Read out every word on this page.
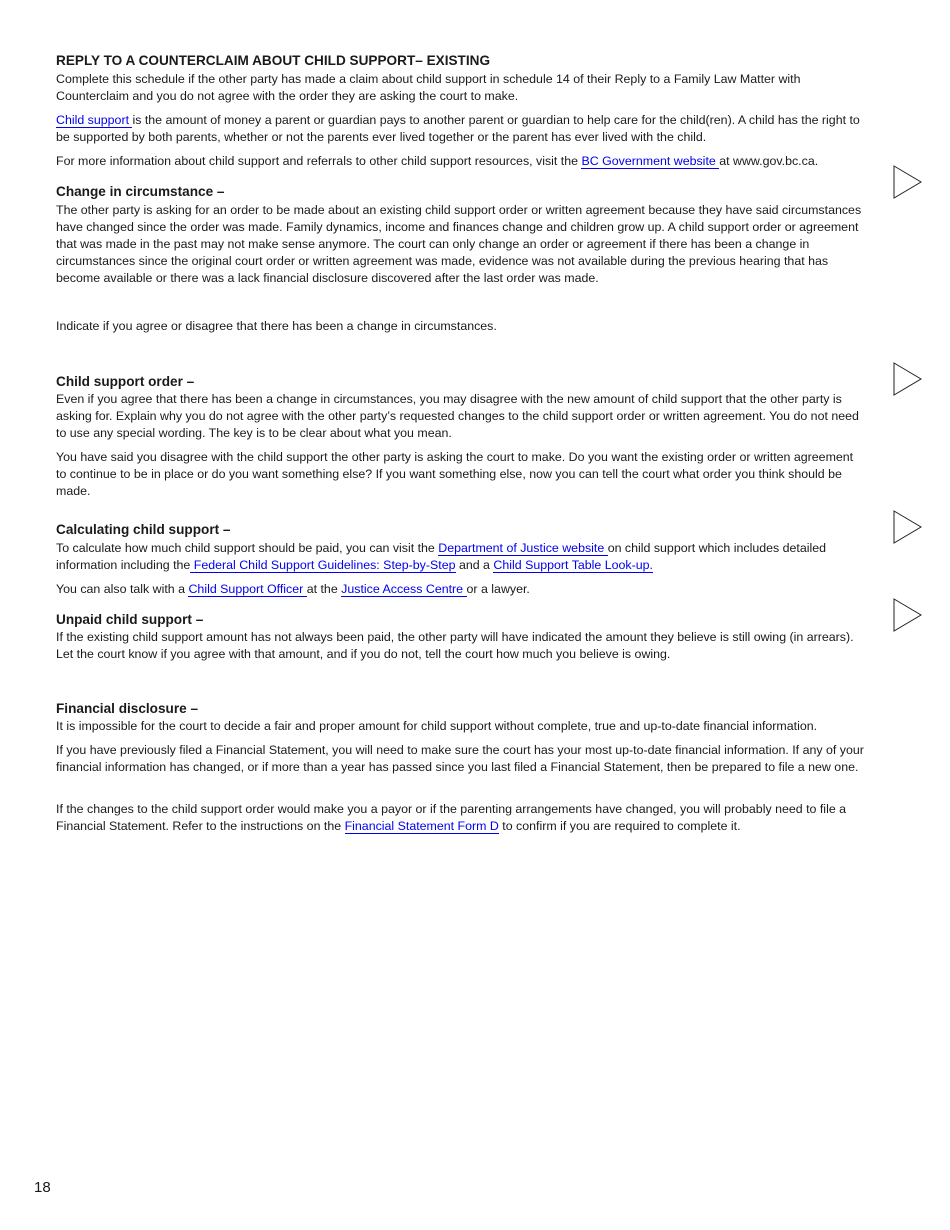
REPLY TO A COUNTERCLAIM ABOUT CHILD SUPPORT– EXISTING
Complete this schedule if the other party has made a claim about child support in schedule 14 of their Reply to a Family Law Matter with Counterclaim and you do not agree with the order they are asking the court to make.
Child support is the amount of money a parent or guardian pays to another parent or guardian to help care for the child(ren). A child has the right to be supported by both parents, whether or not the parents ever lived together or the parent has ever lived with the child.
For more information about child support and referrals to other child support resources, visit the BC Government website at www.gov.bc.ca.
Change in circumstance –
The other party is asking for an order to be made about an existing child support order or written agreement because they have said circumstances have changed since the order was made. Family dynamics, income and finances change and children grow up. A child support order or agreement that was made in the past may not make sense anymore. The court can only change an order or agreement if there has been a change in circumstances since the original court order or written agreement was made, evidence was not available during the previous hearing that has become available or there was a lack financial disclosure discovered after the last order was made.
Indicate if you agree or disagree that there has been a change in circumstances.
Child support order –
Even if you agree that there has been a change in circumstances, you may disagree with the new amount of child support that the other party is asking for. Explain why you do not agree with the other party’s requested changes to the child support order or written agreement. You do not need to use any special wording. The key is to be clear about what you mean.
You have said you disagree with the child support the other party is asking the court to make. Do you want the existing order or written agreement to continue to be in place or do you want something else? If you want something else, now you can tell the court what order you think should be made.
Calculating child support –
To calculate how much child support should be paid, you can visit the Department of Justice website on child support which includes detailed information including the Federal Child Support Guidelines: Step-by-Step and a Child Support Table Look-up.
You can also talk with a Child Support Officer at the Justice Access Centre or a lawyer.
Unpaid child support –
If the existing child support amount has not always been paid, the other party will have indicated the amount they believe is still owing (in arrears). Let the court know if you agree with that amount, and if you do not, tell the court how much you believe is owing.
Financial disclosure –
It is impossible for the court to decide a fair and proper amount for child support without complete, true and up-to-date financial information.
If you have previously filed a Financial Statement, you will need to make sure the court has your most up-to-date financial information. If any of your financial information has changed, or if more than a year has passed since you last filed a Financial Statement, then be prepared to file a new one.
If the changes to the child support order would make you a payor or if the parenting arrangements have changed, you will probably need to file a Financial Statement. Refer to the instructions on the Financial Statement Form D to confirm if you are required to complete it.
18
